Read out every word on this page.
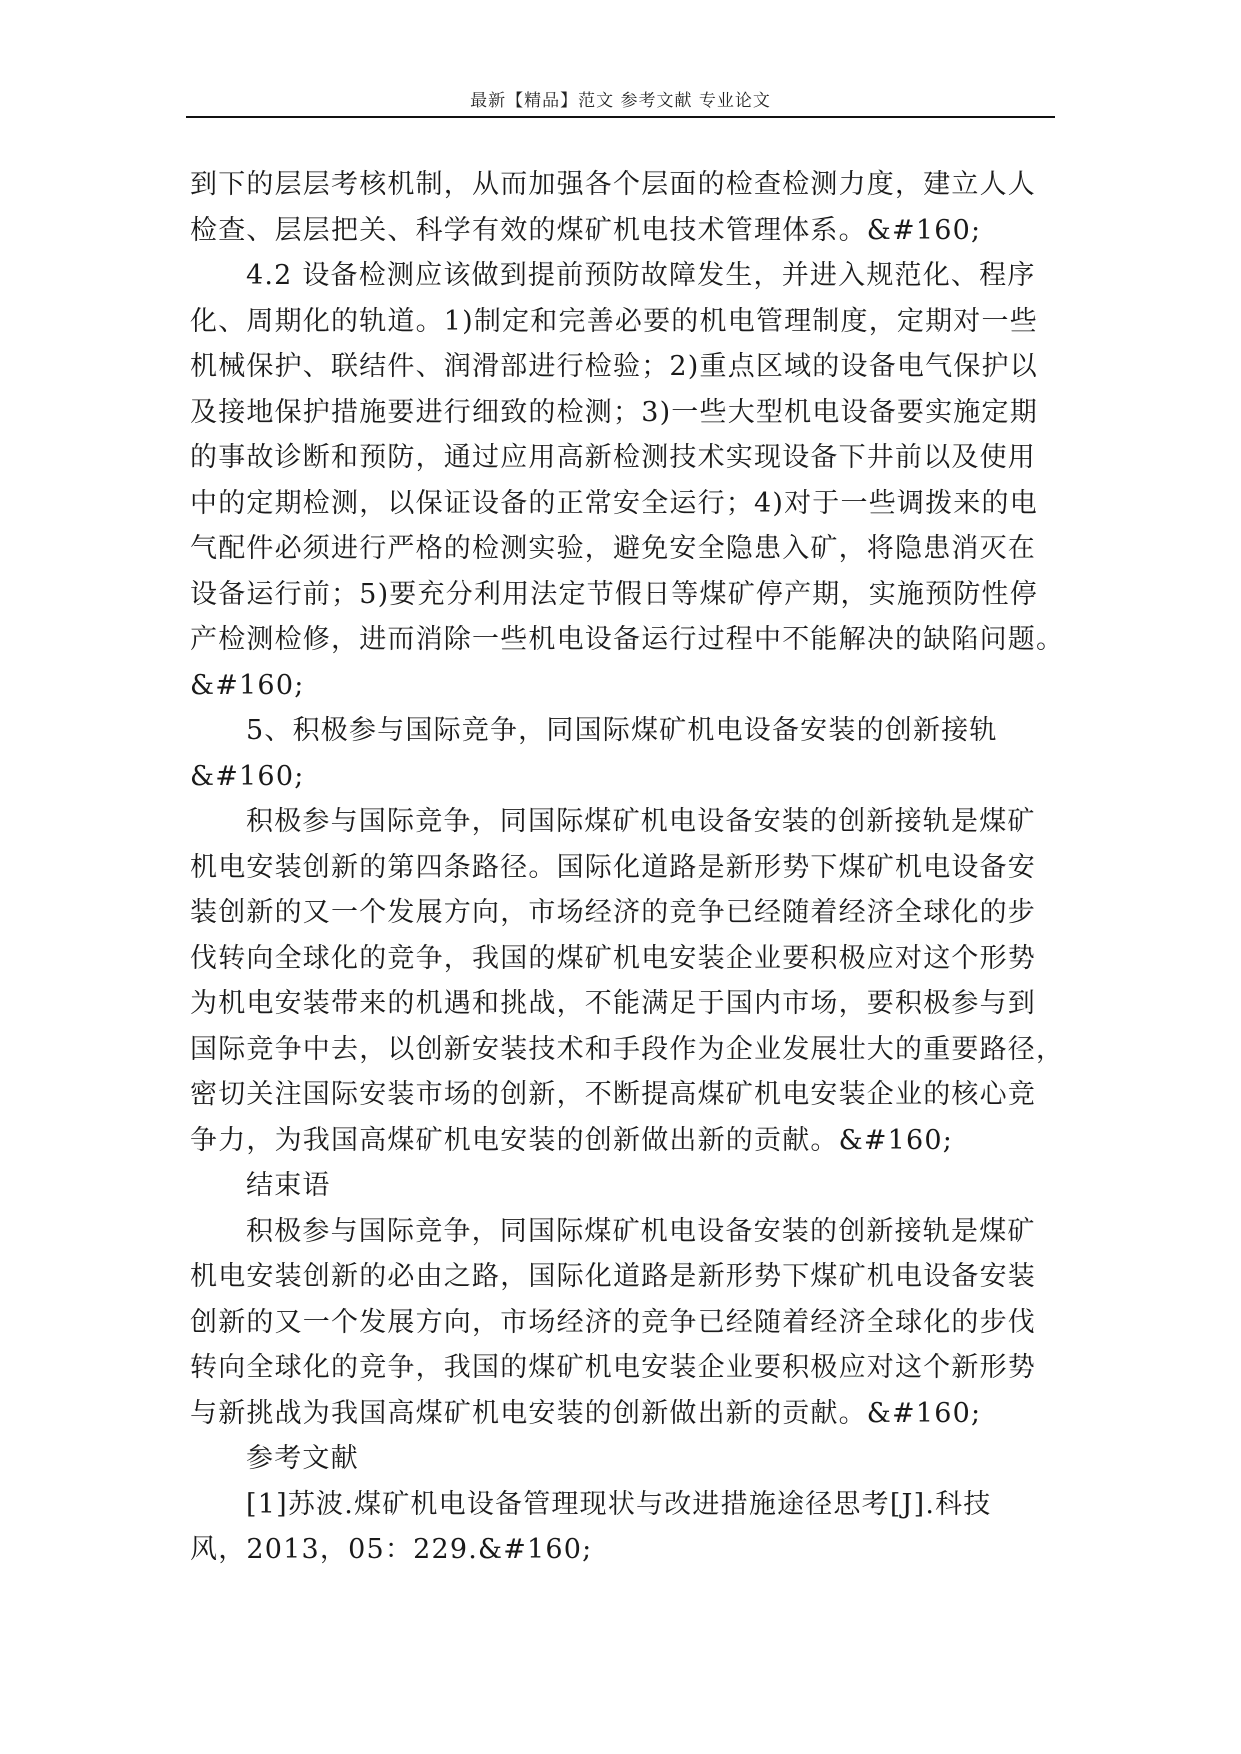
最新【精品】范文 参考文献 专业论文

到下的层层考核机制，从而加强各个层面的检查检测力度，建立人人
检查、层层把关、科学有效的煤矿机电技术管理体系。&#160;

4.2 设备检测应该做到提前预防故障发生，并进入规范化、程序
化、周期化的轨道。1)制定和完善必要的机电管理制度，定期对一些
机械保护、联结件、润滑部进行检验；2)重点区域的设备电气保护以
及接地保护措施要进行细致的检测；3)一些大型机电设备要实施定期
的事故诊断和预防，通过应用高新检测技术实现设备下井前以及使用
中的定期检测，以保证设备的正常安全运行；4)对于一些调拨来的电
气配件必须进行严格的检测实验，避免安全隐患入矿，将隐患消灭在
设备运行前；5)要充分利用法定节假日等煤矿停产期，实施预防性停
产检测检修，进而消除一些机电设备运行过程中不能解决的缺陷问题。
&#160;

5、积极参与国际竞争，同国际煤矿机电设备安装的创新接轨
&#160;

积极参与国际竞争，同国际煤矿机电设备安装的创新接轨是煤矿
机电安装创新的第四条路径。国际化道路是新形势下煤矿机电设备安
装创新的又一个发展方向，市场经济的竞争已经随着经济全球化的步
伐转向全球化的竞争，我国的煤矿机电安装企业要积极应对这个形势
为机电安装带来的机遇和挑战，不能满足于国内市场，要积极参与到
国际竞争中去，以创新安装技术和手段作为企业发展壮大的重要路径，
密切关注国际安装市场的创新，不断提高煤矿机电安装企业的核心竞
争力，为我国高煤矿机电安装的创新做出新的贡献。&#160;

结束语

积极参与国际竞争，同国际煤矿机电设备安装的创新接轨是煤矿
机电安装创新的必由之路，国际化道路是新形势下煤矿机电设备安装
创新的又一个发展方向，市场经济的竞争已经随着经济全球化的步伐
转向全球化的竞争，我国的煤矿机电安装企业要积极应对这个新形势
与新挑战为我国高煤矿机电安装的创新做出新的贡献。&#160;

参考文献

[1]苏波.煤矿机电设备管理现状与改进措施途径思考[J].科技
风，2013，05：229.&#160;
